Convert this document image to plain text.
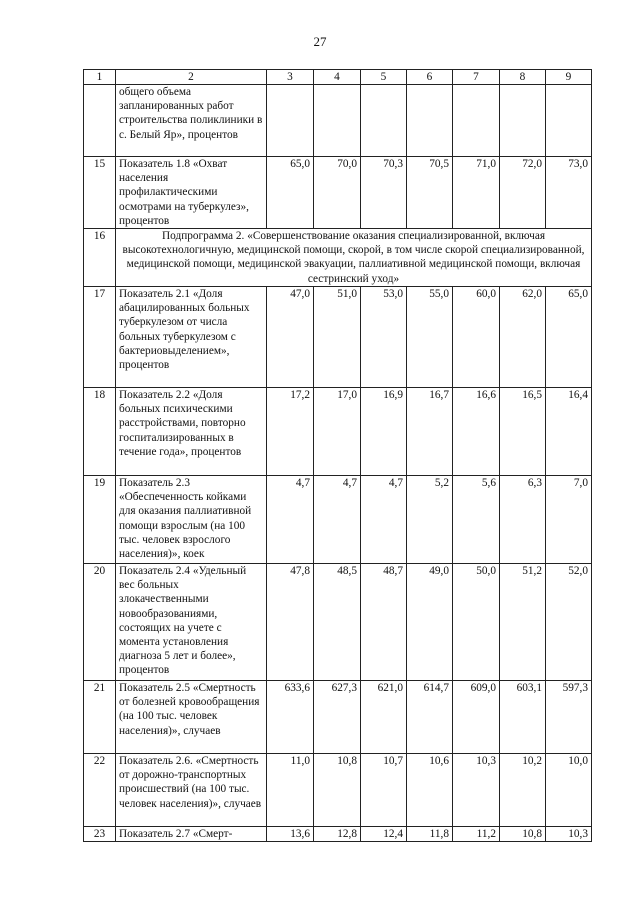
27
1	2	3	4	5	6	7	8	9
	общего объема запланированных работ строительства поликлиники в с. Белый Яр», процентов							
15	Показатель 1.8 «Охват населения профилактическими осмотрами на туберкулез», процентов	65,0	70,0	70,3	70,5	71,0	72,0	73,0
16	Подпрограмма 2. «Совершенствование оказания специализированной, включая высокотехнологичную, медицинской помощи, скорой, в том числе скорой специализированной, медицинской помощи, медицинской эвакуации, паллиативной медицинской помощи, включая сестринский уход»							
17	Показатель 2.1 «Доля абацилированных больных туберкулезом от числа больных туберкулезом с бактериовыделением», процентов	47,0	51,0	53,0	55,0	60,0	62,0	65,0
18	Показатель 2.2 «Доля больных психическими расстройствами, повторно госпитализированных в течение года», процентов	17,2	17,0	16,9	16,7	16,6	16,5	16,4
19	Показатель 2.3 «Обеспеченность койками для оказания паллиативной помощи взрослым (на 100 тыс. человек взрослого населения)», коек	4,7	4,7	4,7	5,2	5,6	6,3	7,0
20	Показатель 2.4 «Удельный вес больных злокачественными новообразованиями, состоящих на учете с момента установления диагноза 5 лет и более», процентов	47,8	48,5	48,7	49,0	50,0	51,2	52,0
21	Показатель 2.5 «Смертность от болезней кровообращения (на 100 тыс. человек населения)», случаев	633,6	627,3	621,0	614,7	609,0	603,1	597,3
22	Показатель 2.6. «Смертность от дорожно-транспортных происшествий (на 100 тыс. человек населения)», случаев	11,0	10,8	10,7	10,6	10,3	10,2	10,0
23	Показатель 2.7 «Смерт-	13,6	12,8	12,4	11,8	11,2	10,8	10,3
